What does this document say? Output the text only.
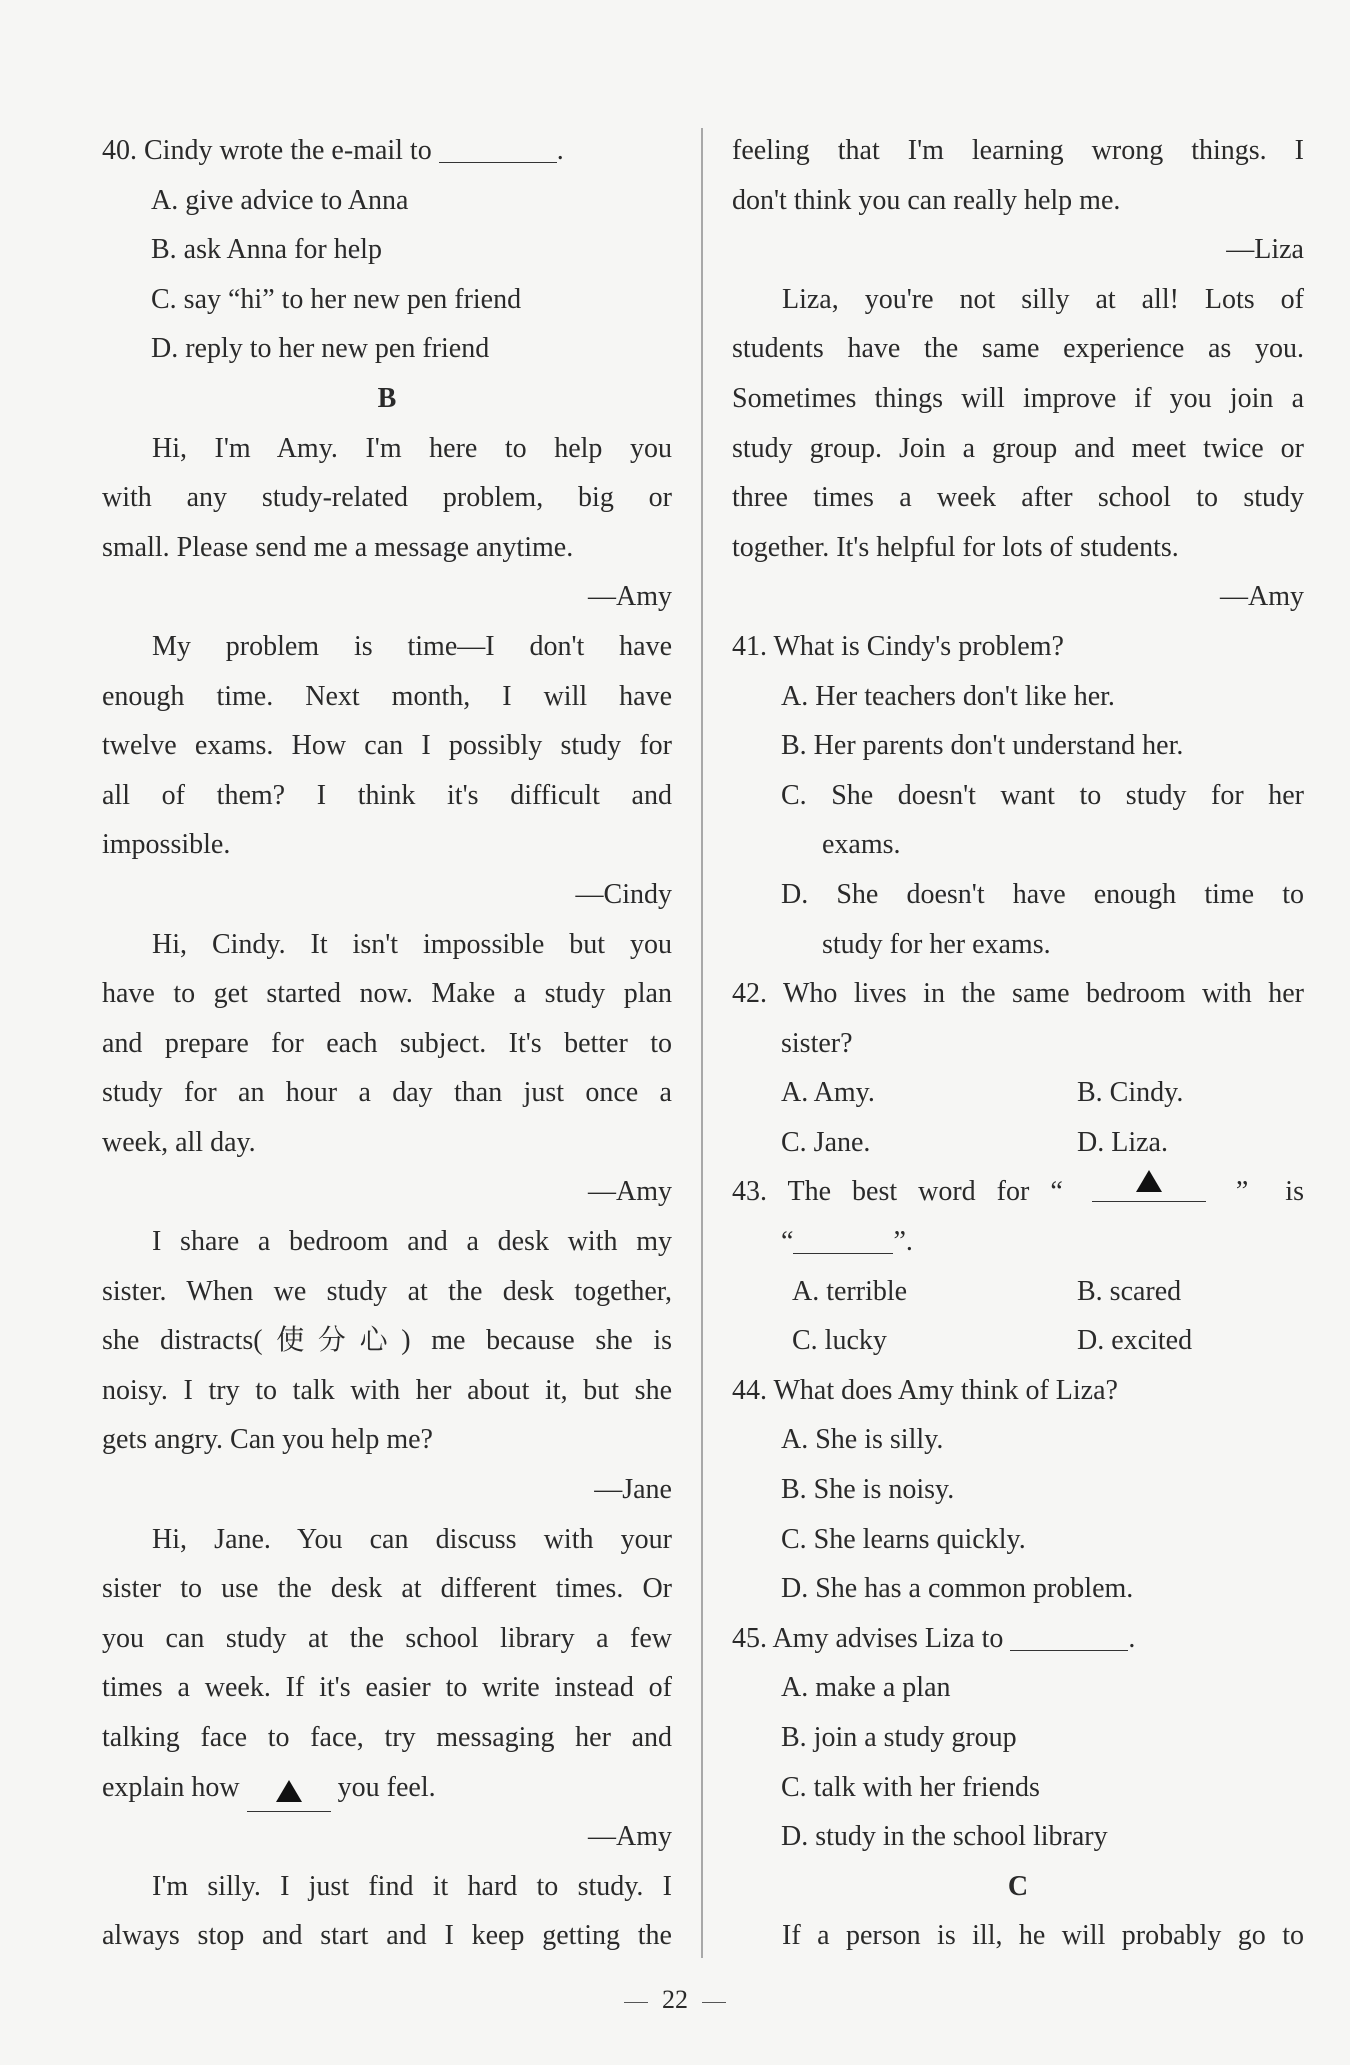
40. Cindy wrote the e-mail to	.
A. give advice to Anna
B. ask Anna for help
C. say “hi” to her new pen friend
D. reply to her new pen friend
B
Hi, I'm Amy. I'm here to help you
with any study-related problem, big or
small. Please send me a message anytime.
—Amy
My problem is time—I don't have
enough time. Next month, I will have
twelve exams. How can I possibly study for
all of them? I think it's difficult and
impossible.
—Cindy
Hi, Cindy. It isn't impossible but you
have to get started now. Make a study plan
and prepare for each subject. It's better to
study for an hour a day than just once a
week, all day.
—Amy
I share a bedroom and a desk with my
sister. When we study at the desk together,
she distracts(使分心) me because she is
noisy. I try to talk with her about it, but she
gets angry. Can you help me?
—Jane
Hi, Jane. You can discuss with your
sister to use the desk at different times. Or
you can study at the school library a few
times a week. If it's easier to write instead of
talking face to face, try messaging her and
explain how	you feel.
—Amy
I'm silly. I just find it hard to study. I
always stop and start and I keep getting the
feeling that I'm learning wrong things. I
don't think you can really help me.
—Liza
Liza, you're not silly at all! Lots of
students have the same experience as you.
Sometimes things will improve if you join a
study group. Join a group and meet twice or
three times a week after school to study
together. It's helpful for lots of students.
—Amy
41. What is Cindy's problem?
A. Her teachers don't like her.
B. Her parents don't understand her.
C. She doesn't want to study for her
exams.
D. She doesn't have enough time to
study for her exams.
42. Who lives in the same bedroom with her
sister?
A. Amy.	B. Cindy.
C. Jane.	D. Liza.
43. The best word for “	” is
“	”.
A. terrible	B. scared
C. lucky	D. excited
44. What does Amy think of Liza?
A. She is silly.
B. She is noisy.
C. She learns quickly.
D. She has a common problem.
45. Amy advises Liza to	.
A. make a plan
B. join a study group
C. talk with her friends
D. study in the school library
C
If a person is ill, he will probably go to
22
